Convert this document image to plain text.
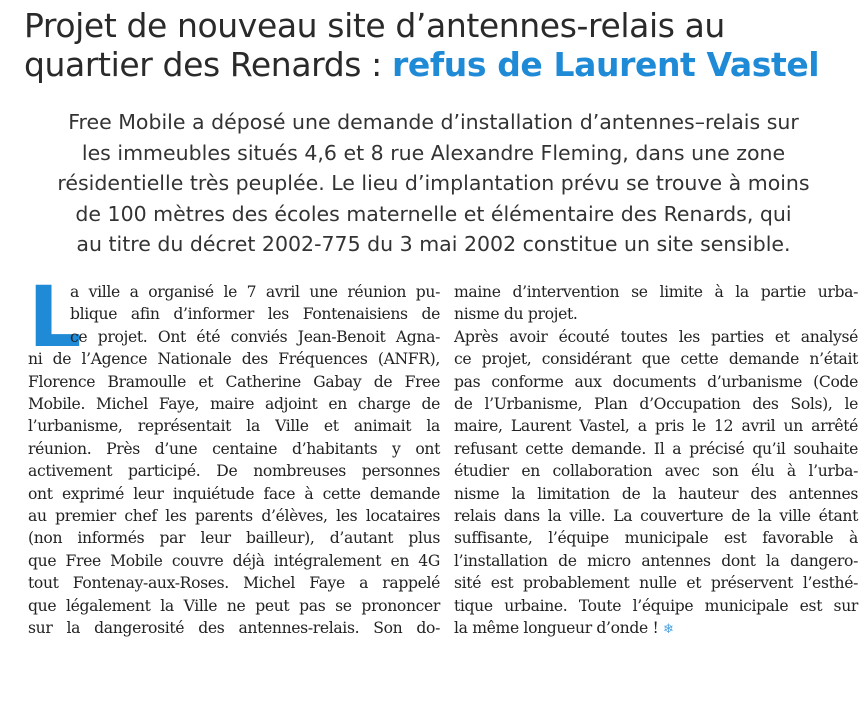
Projet de nouveau site d’antennes-relais au
quartier des Renards : refus de Laurent Vastel

Free Mobile a déposé une demande d’installation d’antennes–relais sur
les immeubles situés 4,6 et 8 rue Alexandre Fleming, dans une zone
résidentielle très peuplée. Le lieu d’implantation prévu se trouve à moins
de 100 mètres des écoles maternelle et élémentaire des Renards, qui
au titre du décret 2002-775 du 3 mai 2002 constitue un site sensible.

L
a ville a organisé le 7 avril une réunion pu-
blique afin d’informer les Fontenaisiens de
ce projet. Ont été conviés Jean-Benoit Agna-
ni de l’Agence Nationale des Fréquences (ANFR),
Florence Bramoulle et Catherine Gabay de Free
Mobile. Michel Faye, maire adjoint en charge de
l’urbanisme, représentait la Ville et animait la
réunion. Près d’une centaine d’habitants y ont
activement participé. De nombreuses personnes
ont exprimé leur inquiétude face à cette demande
au premier chef les parents d’élèves, les locataires
(non informés par leur bailleur), d’autant plus
que Free Mobile couvre déjà intégralement en 4G
tout Fontenay-aux-Roses. Michel Faye a rappelé
que légalement la Ville ne peut pas se prononcer
sur la dangerosité des antennes-relais. Son do-
maine d’intervention se limite à la partie urba-
nisme du projet.
Après avoir écouté toutes les parties et analysé
ce projet, considérant que cette demande n’était
pas conforme aux documents d’urbanisme (Code
de l’Urbanisme, Plan d’Occupation des Sols), le
maire, Laurent Vastel, a pris le 12 avril un arrêté
refusant cette demande. Il a précisé qu’il souhaite
étudier en collaboration avec son élu à l’urba-
nisme la limitation de la hauteur des antennes
relais dans la ville. La couverture de la ville étant
suffisante, l’équipe municipale est favorable à
l’installation de micro antennes dont la dangero-
sité est probablement nulle et préservent l’esthé-
tique urbaine. Toute l’équipe municipale est sur
la même longueur d’onde ! ❄
